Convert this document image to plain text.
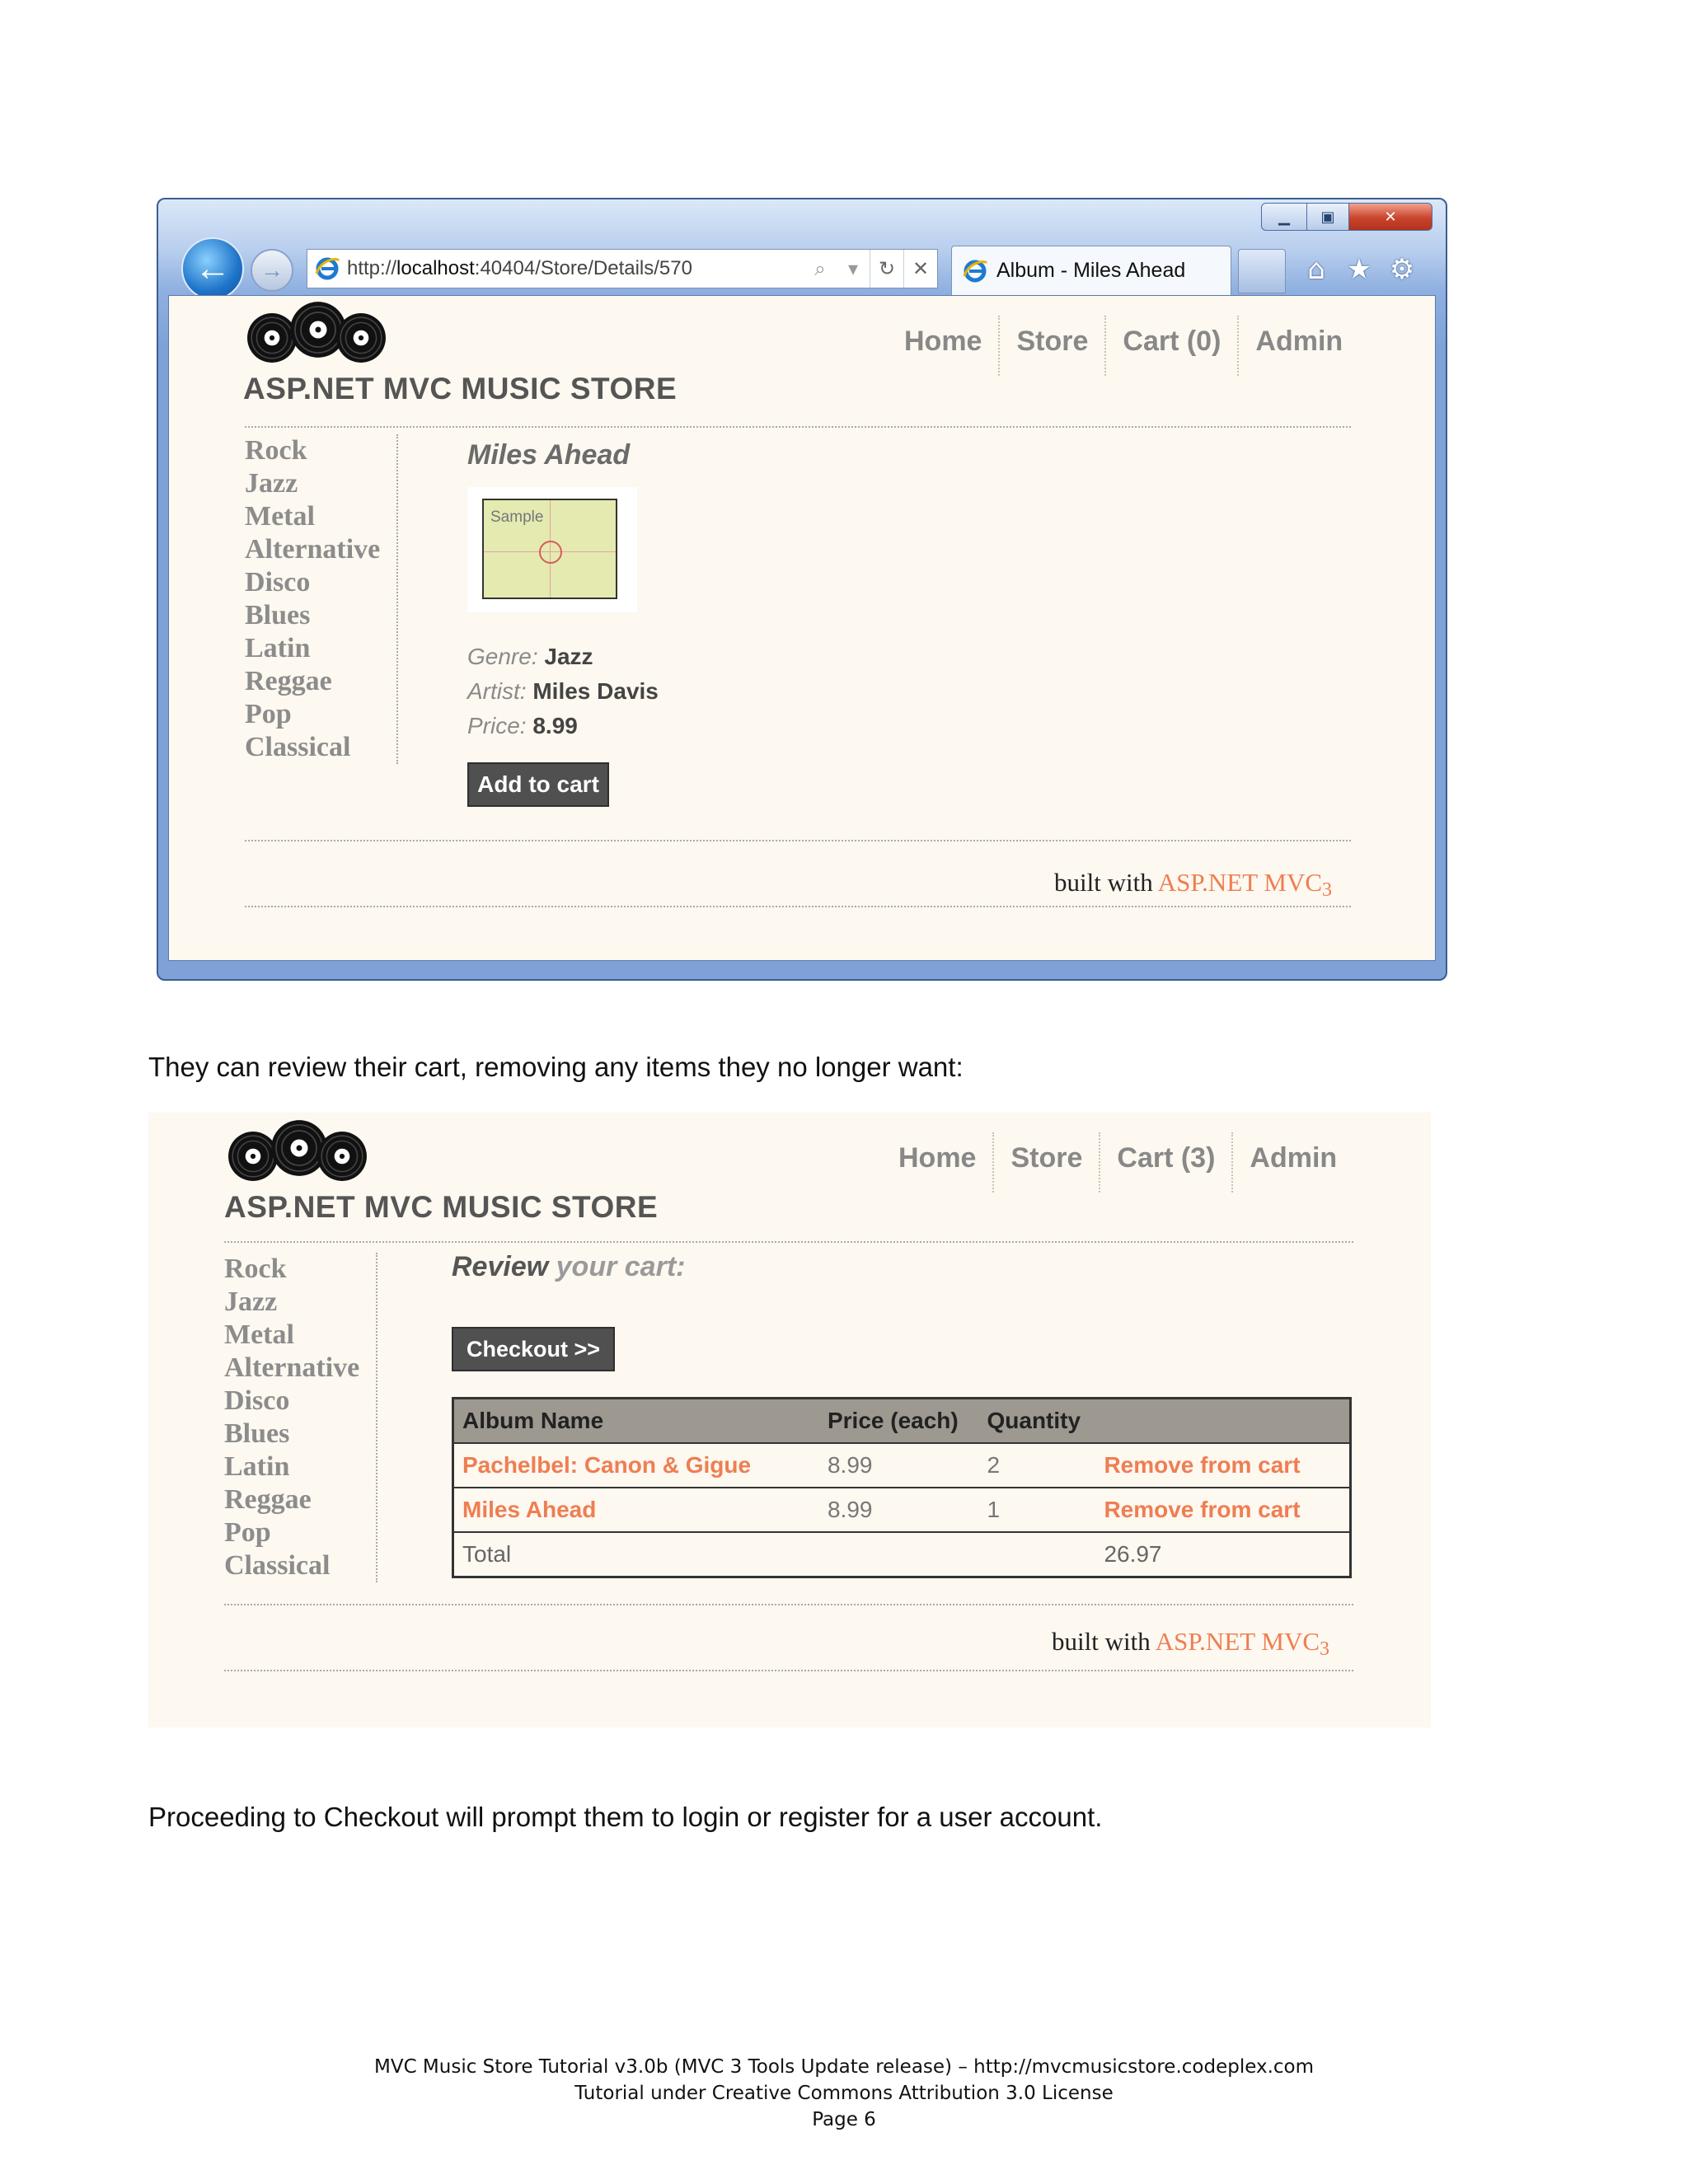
▁	▣	✕
←	→	http://localhost:40404/Store/Details/570	⌕	▾	↻ ✕	Album - Miles Ahead	⌂ ★ ⚙
ASP.NET MVC MUSIC STORE
Home	Store	Cart (0)	Admin
Rock
Jazz
Metal
Alternative
Disco
Blues
Latin
Reggae
Pop
Classical
Miles Ahead
Sample
Genre: Jazz
Artist: Miles Davis
Price: 8.99
Add to cart
built with ASP.NET MVC3
They can review their cart, removing any items they no longer want:
ASP.NET MVC MUSIC STORE
Home	Store	Cart (3)	Admin
Rock
Jazz
Metal
Alternative
Disco
Blues
Latin
Reggae
Pop
Classical
Review your cart:
Checkout >>
Album Name	Price (each)	Quantity	
Pachelbel: Canon & Gigue	8.99	2	Remove from cart
Miles Ahead	8.99	1	Remove from cart
Total			26.97
built with ASP.NET MVC3
Proceeding to Checkout will prompt them to login or register for a user account.
MVC Music Store Tutorial v3.0b (MVC 3 Tools Update release) – http://mvcmusicstore.codeplex.com
Tutorial under Creative Commons Attribution 3.0 License
Page 6
